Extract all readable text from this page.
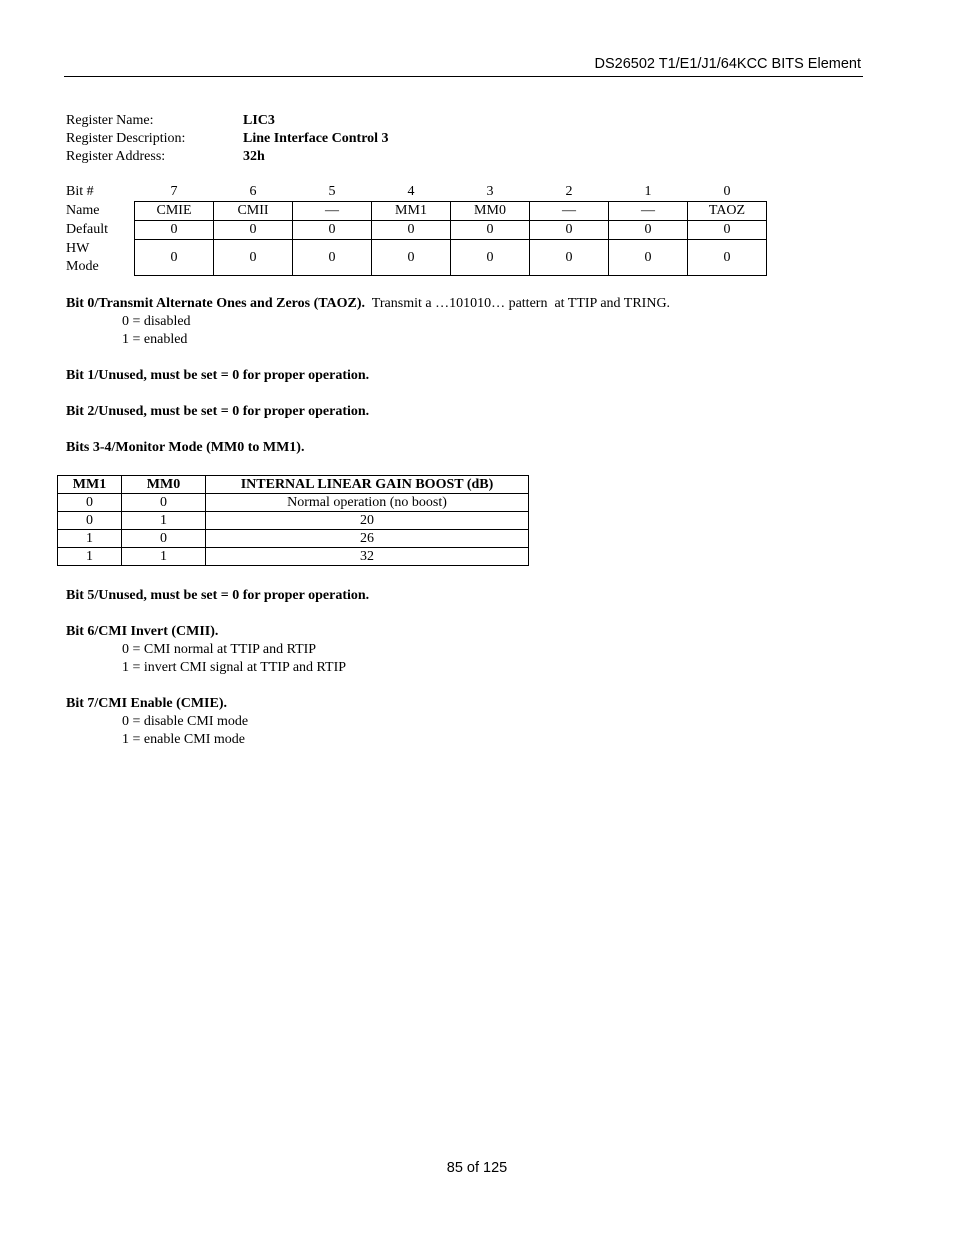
DS26502 T1/E1/J1/64KCC BITS Element
Register Name:	LIC3
Register Description:	Line Interface Control 3
Register Address:	32h
Bit #	7	6	5	4	3	2	1	0
Name	CMIE	CMII	—	MM1	MM0	—	—	TAOZ
Default	0	0	0	0	0	0	0	0

HW
Mode	0	0	0	0	0	0	0	0
Bit 0/Transmit Alternate Ones and Zeros (TAOZ).  Transmit a …101010… pattern  at TTIP and TRING.
0 = disabled
1 = enabled
Bit 1/Unused, must be set = 0 for proper operation.
Bit 2/Unused, must be set = 0 for proper operation.
Bits 3-4/Monitor Mode (MM0 to MM1).
MM1	MM0	INTERNAL LINEAR GAIN BOOST (dB)
0	0	Normal operation (no boost)
0	1	20
1	0	26
1	1	32
Bit 5/Unused, must be set = 0 for proper operation.
Bit 6/CMI Invert (CMII).
0 = CMI normal at TTIP and RTIP
1 = invert CMI signal at TTIP and RTIP
Bit 7/CMI Enable (CMIE).
0 = disable CMI mode
1 = enable CMI mode
85 of 125
